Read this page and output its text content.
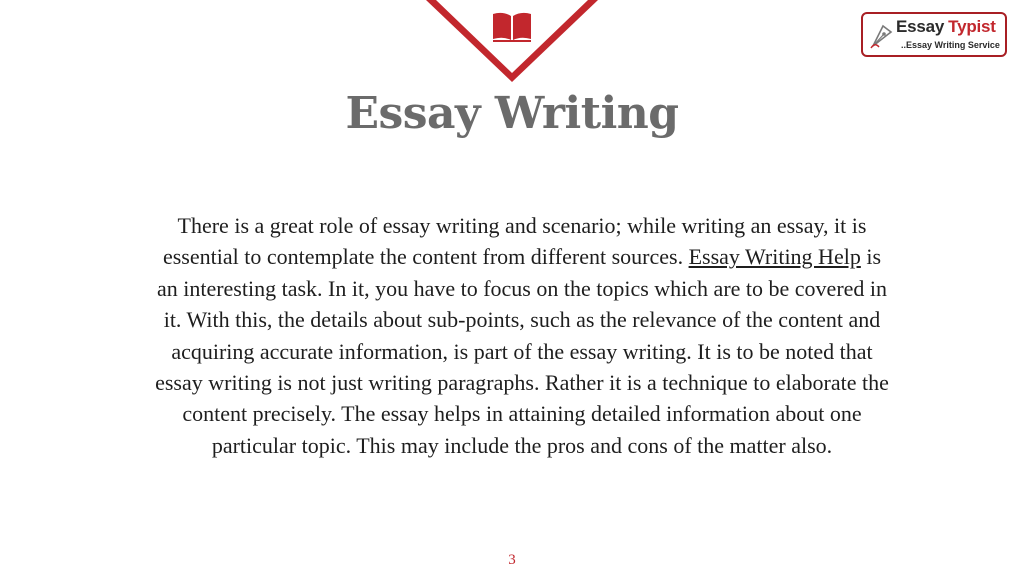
Essay Typist
..Essay Writing Service
Essay Writing

There is a great role of essay writing and scenario; while writing an essay, it is essential to contemplate the content from different sources. Essay Writing Help is an interesting task. In it, you have to focus on the topics which are to be covered in it. With this, the details about sub-points, such as the relevance of the content and acquiring accurate information, is part of the essay writing. It is to be noted that essay writing is not just writing paragraphs. Rather it is a technique to elaborate the content precisely. The essay helps in attaining detailed information about one particular topic. This may include the pros and cons of the matter also.

3
